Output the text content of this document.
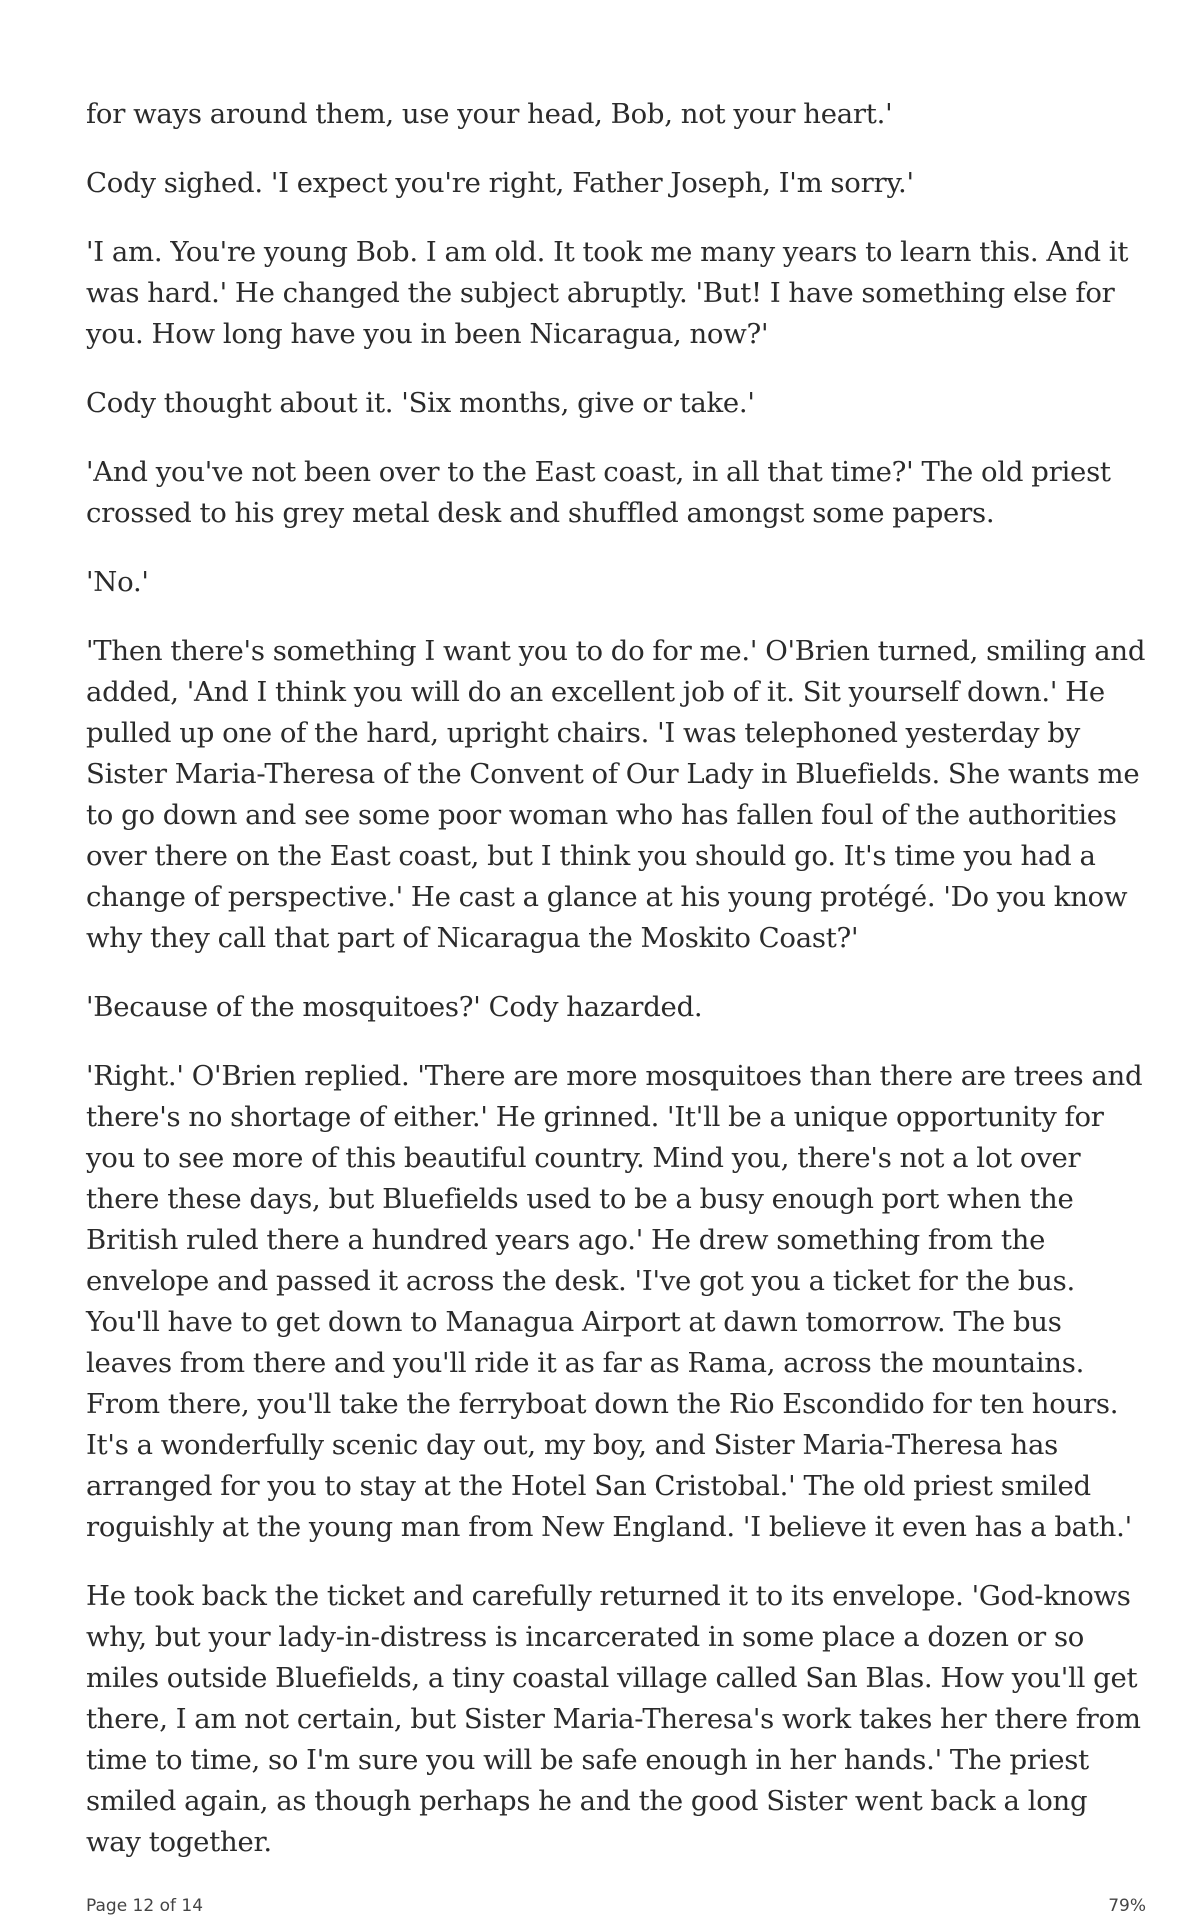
for ways around them, use your head, Bob, not your heart.'

Cody sighed. 'I expect you're right, Father Joseph, I'm sorry.'

'I am. You're young Bob. I am old. It took me many years to learn this. And it was hard.' He changed the subject abruptly. 'But! I have something else for you. How long have you in been Nicaragua, now?'

Cody thought about it. 'Six months, give or take.'

'And you've not been over to the East coast, in all that time?' The old priest crossed to his grey metal desk and shuffled amongst some papers.

'No.'

'Then there's something I want you to do for me.' O'Brien turned, smiling and added, 'And I think you will do an excellent job of it. Sit yourself down.' He pulled up one of the hard, upright chairs. 'I was telephoned yesterday by Sister Maria-Theresa of the Convent of Our Lady in Bluefields. She wants me to go down and see some poor woman who has fallen foul of the authorities over there on the East coast, but I think you should go. It's time you had a change of perspective.' He cast a glance at his young protégé. 'Do you know why they call that part of Nicaragua the Moskito Coast?'

'Because of the mosquitoes?' Cody hazarded.

'Right.' O'Brien replied. 'There are more mosquitoes than there are trees and there's no shortage of either.' He grinned. 'It'll be a unique opportunity for you to see more of this beautiful country. Mind you, there's not a lot over there these days, but Bluefields used to be a busy enough port when the British ruled there a hundred years ago.' He drew something from the envelope and passed it across the desk. 'I've got you a ticket for the bus. You'll have to get down to Managua Airport at dawn tomorrow. The bus leaves from there and you'll ride it as far as Rama, across the mountains. From there, you'll take the ferryboat down the Rio Escondido for ten hours. It's a wonderfully scenic day out, my boy, and Sister Maria-Theresa has arranged for you to stay at the Hotel San Cristobal.' The old priest smiled roguishly at the young man from New England. 'I believe it even has a bath.'

He took back the ticket and carefully returned it to its envelope. 'God-knows why, but your lady-in-distress is incarcerated in some place a dozen or so miles outside Bluefields, a tiny coastal village called San Blas. How you'll get there, I am not certain, but Sister Maria-Theresa's work takes her there from time to time, so I'm sure you will be safe enough in her hands.' The priest smiled again, as though perhaps he and the good Sister went back a long way together.

Page 12 of 14	79%
